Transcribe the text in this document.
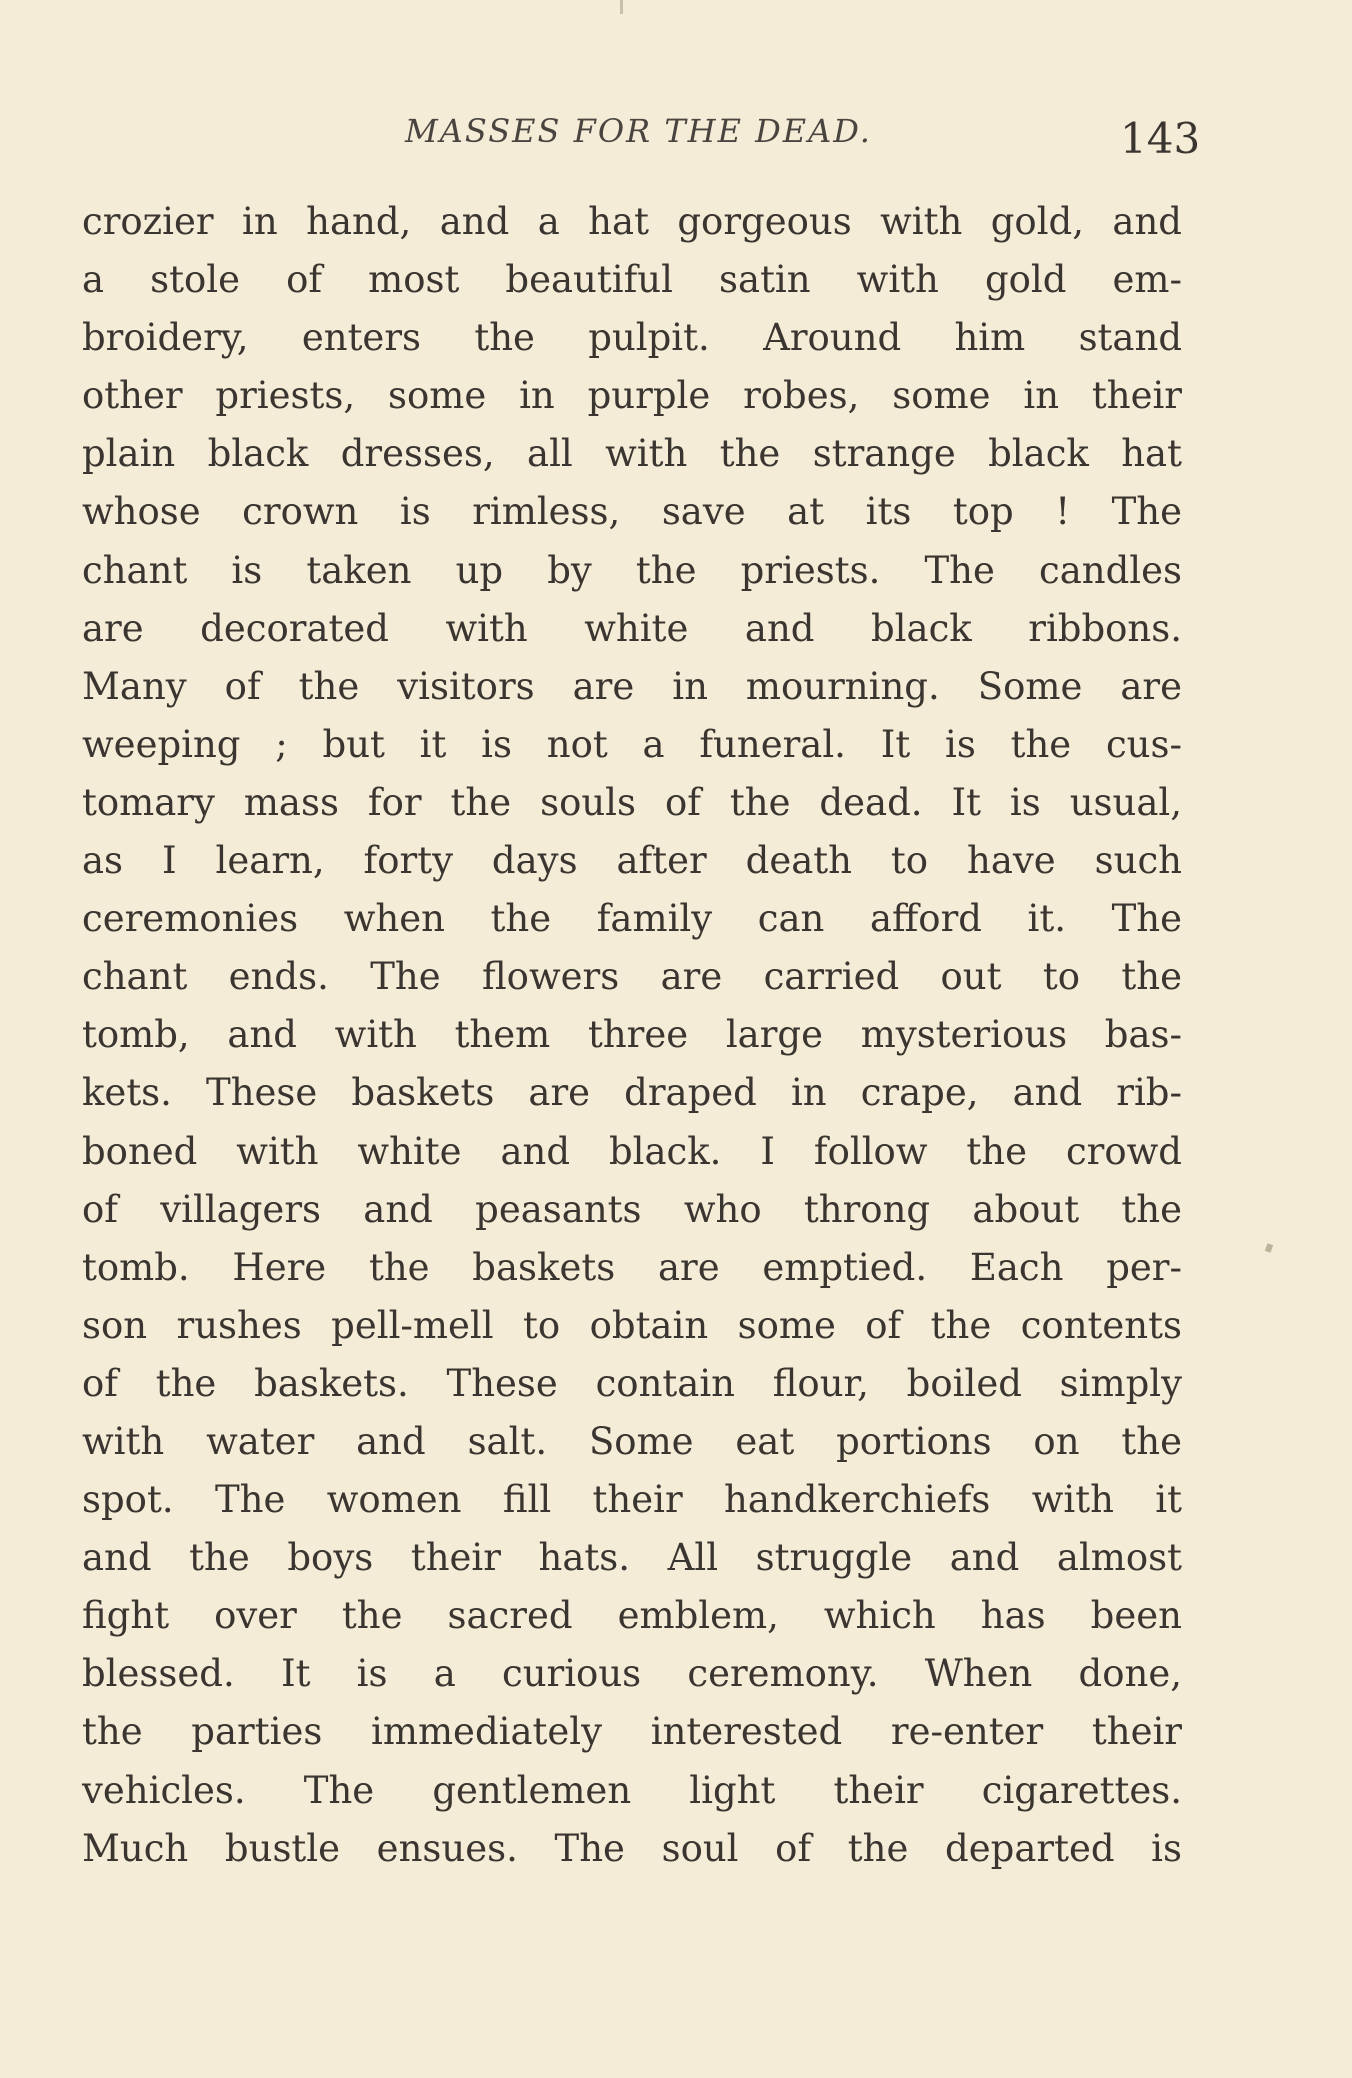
MASSES FOR THE DEAD.	143
crozier in hand, and a hat gorgeous with gold, and
a stole of most beautiful satin with gold em-
broidery, enters the pulpit. Around him stand
other priests, some in purple robes, some in their
plain black dresses, all with the strange black hat
whose crown is rimless, save at its top ! The
chant is taken up by the priests. The candles
are decorated with white and black ribbons.
Many of the visitors are in mourning. Some are
weeping ; but it is not a funeral. It is the cus-
tomary mass for the souls of the dead. It is usual,
as I learn, forty days after death to have such
ceremonies when the family can afford it. The
chant ends. The flowers are carried out to the
tomb, and with them three large mysterious bas-
kets. These baskets are draped in crape, and rib-
boned with white and black. I follow the crowd
of villagers and peasants who throng about the
tomb. Here the baskets are emptied. Each per-
son rushes pell-mell to obtain some of the contents
of the baskets. These contain flour, boiled simply
with water and salt. Some eat portions on the
spot. The women fill their handkerchiefs with it
and the boys their hats. All struggle and almost
fight over the sacred emblem, which has been
blessed. It is a curious ceremony. When done,
the parties immediately interested re-enter their
vehicles. The gentlemen light their cigarettes.
Much bustle ensues. The soul of the departed is
